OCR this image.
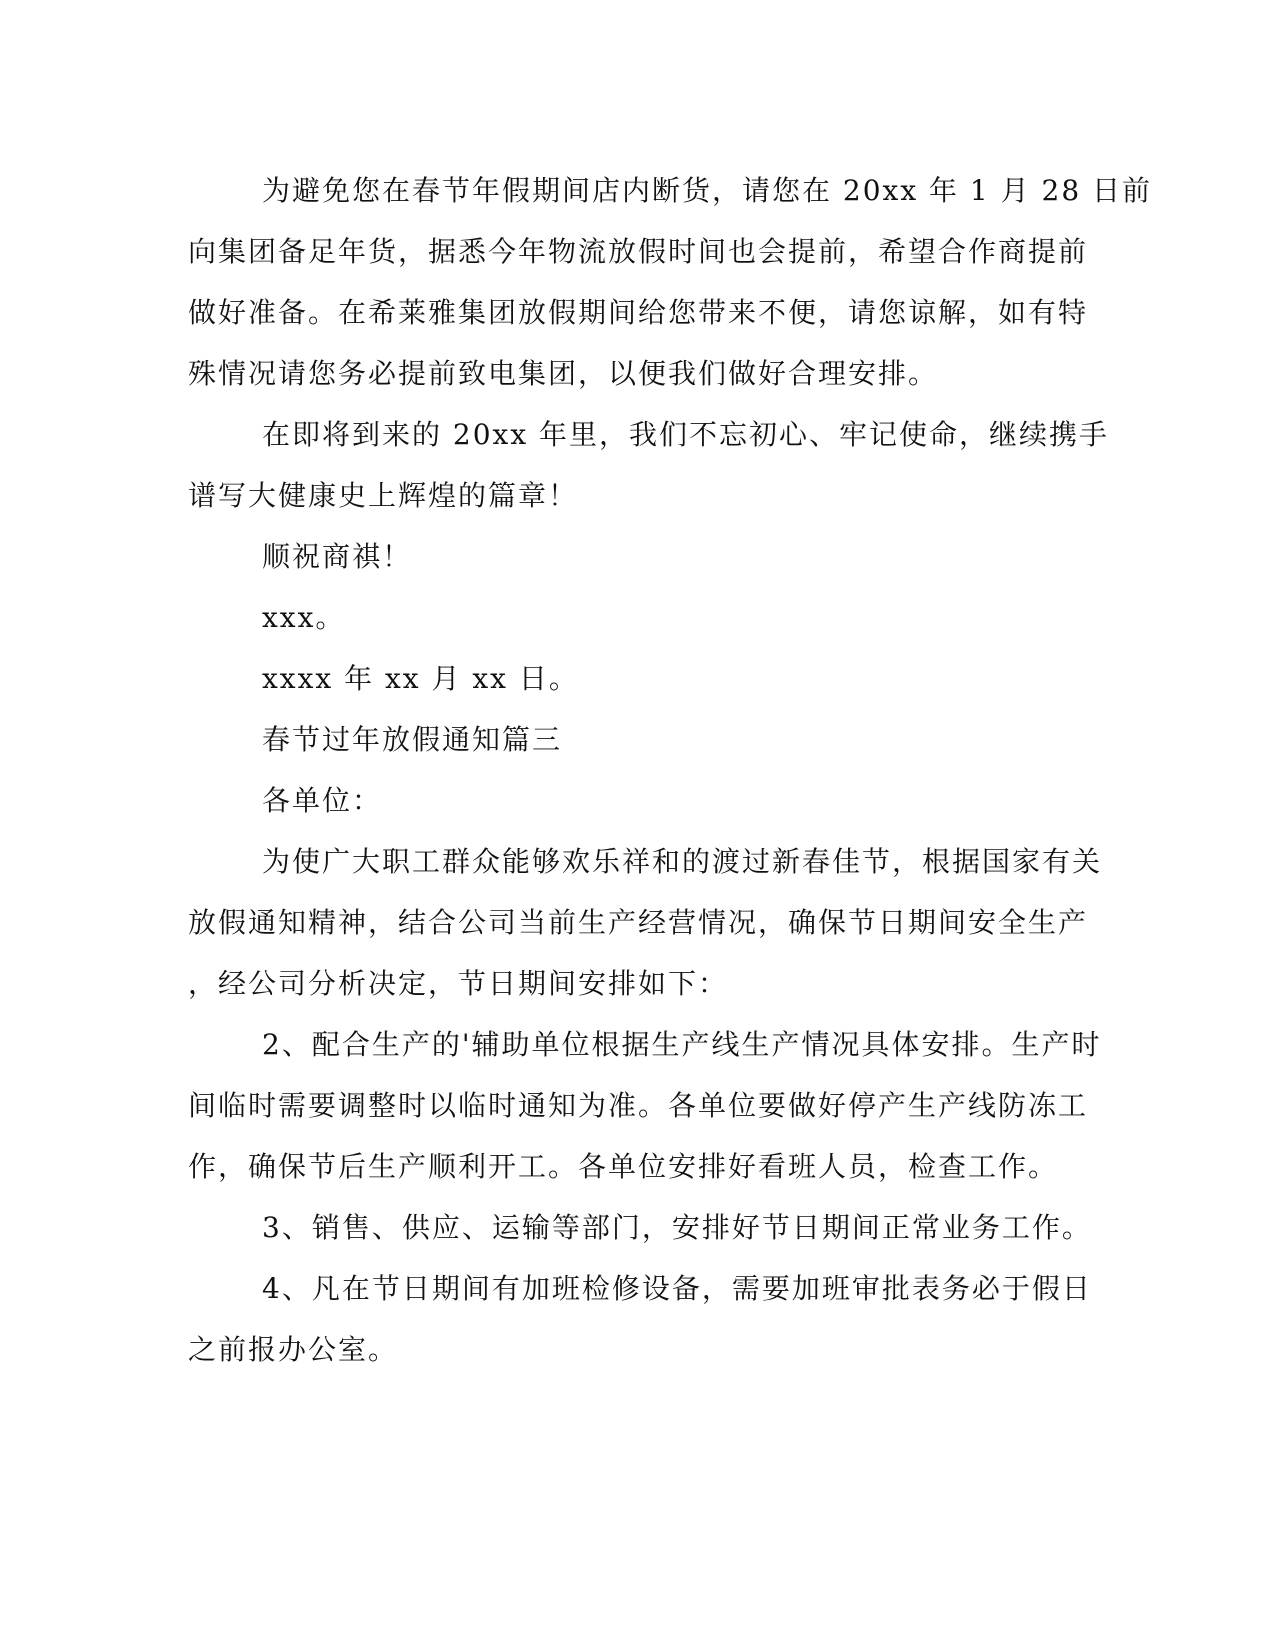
为避免您在春节年假期间店内断货，请您在 20xx 年 1 月 28 日前
向集团备足年货，据悉今年物流放假时间也会提前，希望合作商提前
做好准备。在希莱雅集团放假期间给您带来不便，请您谅解，如有特
殊情况请您务必提前致电集团，以便我们做好合理安排。
在即将到来的 20xx 年里，我们不忘初心、牢记使命，继续携手
谱写大健康史上辉煌的篇章！
顺祝商祺！
xxx。
xxxx 年 xx 月 xx 日。
春节过年放假通知篇三
各单位：
为使广大职工群众能够欢乐祥和的渡过新春佳节，根据国家有关
放假通知精神，结合公司当前生产经营情况，确保节日期间安全生产
，经公司分析决定，节日期间安排如下：
2、配合生产的'辅助单位根据生产线生产情况具体安排。生产时
间临时需要调整时以临时通知为准。各单位要做好停产生产线防冻工
作，确保节后生产顺利开工。各单位安排好看班人员，检查工作。
3、销售、供应、运输等部门，安排好节日期间正常业务工作。
4、凡在节日期间有加班检修设备，需要加班审批表务必于假日
之前报办公室。
